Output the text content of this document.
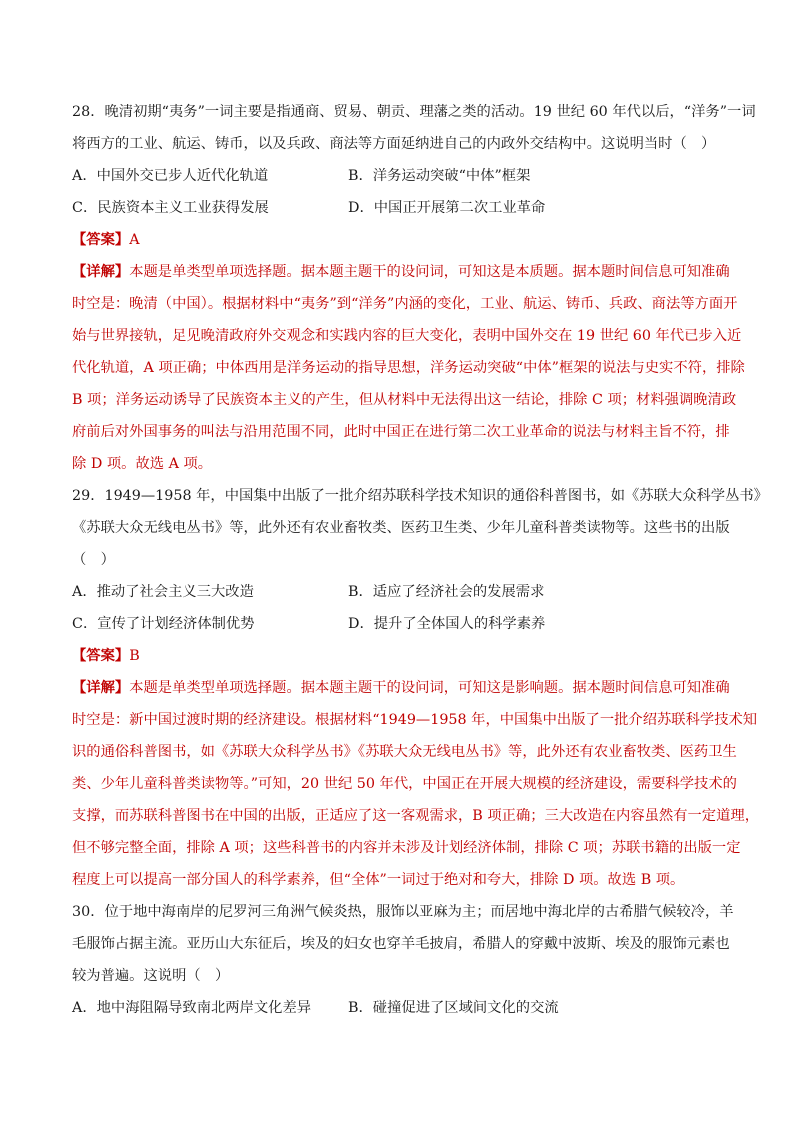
28．晚清初期“夷务”一词主要是指通商、贸易、朝贡、理藩之类的活动。19 世纪 60 年代以后，“洋务”一词
将西方的工业、航运、铸币，以及兵政、商法等方面延纳进自己的内政外交结构中。这说明当时（　）
A．中国外交已步人近代化轨道	B．洋务运动突破“中体”框架
C．民族资本主义工业获得发展	D．中国正开展第二次工业革命
【答案】A
【详解】本题是单类型单项选择题。据本题主题干的设问词，可知这是本质题。据本题时间信息可知准确
时空是：晚清（中国）。根据材料中“夷务”到“洋务”内涵的变化，工业、航运、铸币、兵政、商法等方面开
始与世界接轨，足见晚清政府外交观念和实践内容的巨大变化，表明中国外交在 19 世纪 60 年代已步入近
代化轨道，A 项正确；中体西用是洋务运动的指导思想，洋务运动突破“中体”框架的说法与史实不符，排除
B 项；洋务运动诱导了民族资本主义的产生，但从材料中无法得出这一结论，排除 C 项；材料强调晚清政
府前后对外国事务的叫法与沿用范围不同，此时中国正在进行第二次工业革命的说法与材料主旨不符，排
除 D 项。故选 A 项。
29．1949—1958 年，中国集中出版了一批介绍苏联科学技术知识的通俗科普图书，如《苏联大众科学丛书》
《苏联大众无线电丛书》等，此外还有农业畜牧类、医药卫生类、少年儿童科普类读物等。这些书的出版
（　）
A．推动了社会主义三大改造	B．适应了经济社会的发展需求
C．宣传了计划经济体制优势	D．提升了全体国人的科学素养
【答案】B
【详解】本题是单类型单项选择题。据本题主题干的设问词，可知这是影响题。据本题时间信息可知准确
时空是：新中国过渡时期的经济建设。根据材料“1949—1958 年，中国集中出版了一批介绍苏联科学技术知
识的通俗科普图书，如《苏联大众科学丛书》《苏联大众无线电丛书》等，此外还有农业畜牧类、医药卫生
类、少年儿童科普类读物等。”可知，20 世纪 50 年代，中国正在开展大规模的经济建设，需要科学技术的
支撑，而苏联科普图书在中国的出版，正适应了这一客观需求，B 项正确；三大改造在内容虽然有一定道理，
但不够完整全面，排除 A 项；这些科普书的内容并未涉及计划经济体制，排除 C 项；苏联书籍的出版一定
程度上可以提高一部分国人的科学素养，但“全体”一词过于绝对和夸大，排除 D 项。故选 B 项。
30．位于地中海南岸的尼罗河三角洲气候炎热，服饰以亚麻为主；而居地中海北岸的古希腊气候较冷，羊
毛服饰占据主流。亚历山大东征后，埃及的妇女也穿羊毛披肩，希腊人的穿戴中波斯、埃及的服饰元素也
较为普遍。这说明（　）
A．地中海阻隔导致南北两岸文化差异	B．碰撞促进了区域间文化的交流
